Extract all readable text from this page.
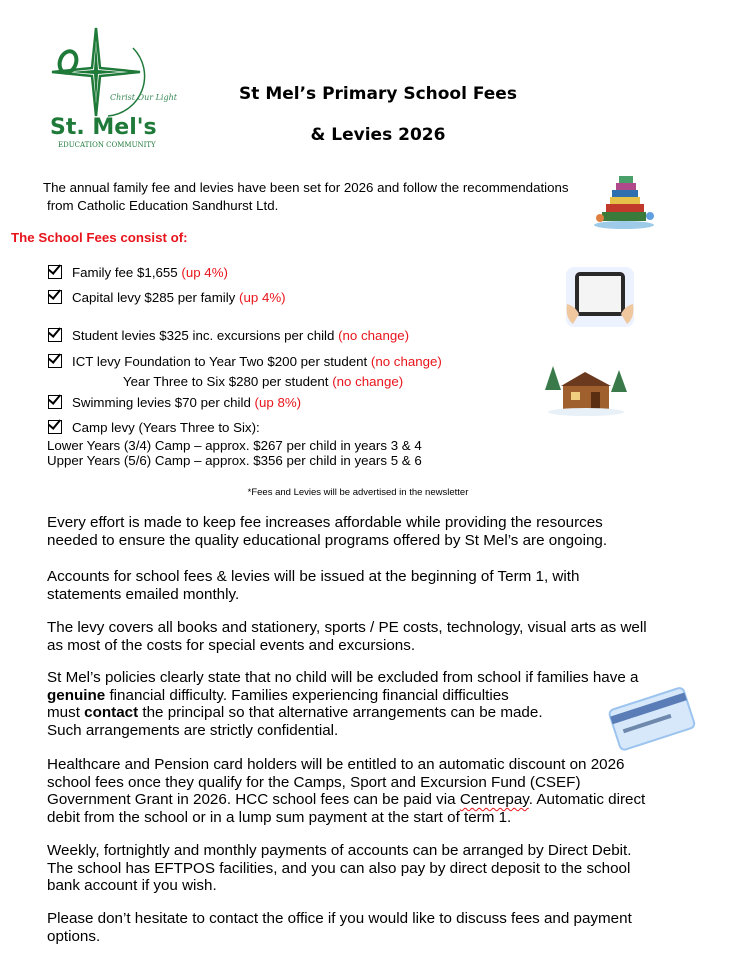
Christ Our Light
St. Mel's
EDUCATION COMMUNITY
St Mel’s Primary School Fees
& Levies 2026
The annual family fee and levies have been set for 2026 and follow the recommendations
from Catholic Education Sandhurst Ltd.
The School Fees consist of:
Family fee $1,655 (up 4%)
Capital levy $285 per family (up 4%)
Student levies $325 inc. excursions per child (no change)
ICT levy Foundation to Year Two $200 per student (no change)
Year Three to Six $280 per student (no change)
Swimming levies $70 per child (up 8%)
Camp levy (Years Three to Six):
Lower Years (3/4) Camp – approx. $267 per child in years 3 & 4
Upper Years (5/6) Camp – approx. $356 per child in years 5 & 6
*Fees and Levies will be advertised in the newsletter
Every effort is made to keep fee increases affordable while providing the resources needed to ensure the quality educational programs offered by St Mel’s are ongoing.
Accounts for school fees & levies will be issued at the beginning of Term 1, with statements emailed monthly.
The levy covers all books and stationery, sports / PE costs, technology, visual arts as well as most of the costs for special events and excursions.
St Mel’s policies clearly state that no child will be excluded from school if families have a genuine financial difficulty. Families experiencing financial difficulties
must contact the principal so that alternative arrangements can be made. Such arrangements are strictly confidential.
Healthcare and Pension card holders will be entitled to an automatic discount on 2026 school fees once they qualify for the Camps, Sport and Excursion Fund (CSEF) Government Grant in 2026. HCC school fees can be paid via Centrepay. Automatic direct debit from the school or in a lump sum payment at the start of term 1.
Weekly, fortnightly and monthly payments of accounts can be arranged by Direct Debit. The school has EFTPOS facilities, and you can also pay by direct deposit to the school bank account if you wish.
Please don’t hesitate to contact the office if you would like to discuss fees and payment options.
